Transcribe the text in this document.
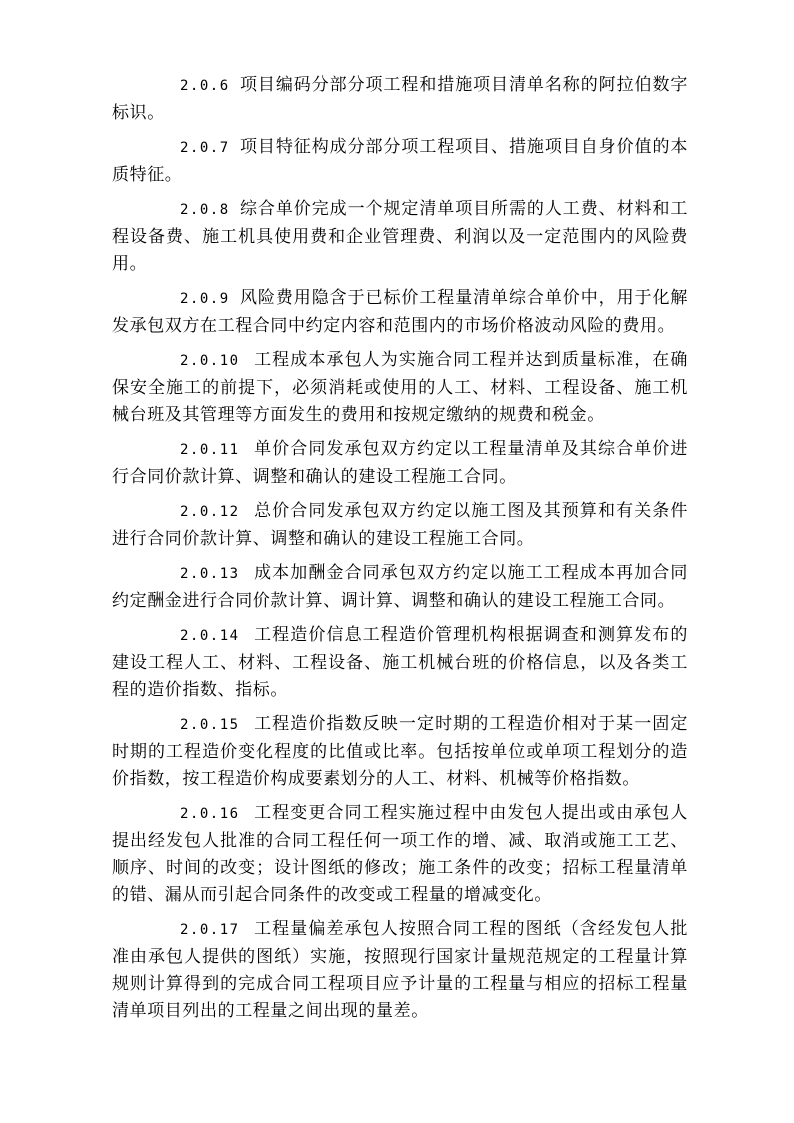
2.0.6 项目编码分部分项工程和措施项目清单名称的阿拉伯数字标识。

2.0.7 项目特征构成分部分项工程项目、措施项目自身价值的本质特征。

2.0.8 综合单价完成一个规定清单项目所需的人工费、材料和工程设备费、施工机具使用费和企业管理费、利润以及一定范围内的风险费用。

2.0.9 风险费用隐含于已标价工程量清单综合单价中，用于化解发承包双方在工程合同中约定内容和范围内的市场价格波动风险的费用。

2.0.10 工程成本承包人为实施合同工程并达到质量标准，在确保安全施工的前提下，必须消耗或使用的人工、材料、工程设备、施工机械台班及其管理等方面发生的费用和按规定缴纳的规费和税金。

2.0.11 单价合同发承包双方约定以工程量清单及其综合单价进行合同价款计算、调整和确认的建设工程施工合同。

2.0.12 总价合同发承包双方约定以施工图及其预算和有关条件进行合同价款计算、调整和确认的建设工程施工合同。

2.0.13 成本加酬金合同承包双方约定以施工工程成本再加合同约定酬金进行合同价款计算、调计算、调整和确认的建设工程施工合同。

2.0.14 工程造价信息工程造价管理机构根据调查和测算发布的建设工程人工、材料、工程设备、施工机械台班的价格信息，以及各类工程的造价指数、指标。

2.0.15 工程造价指数反映一定时期的工程造价相对于某一固定时期的工程造价变化程度的比值或比率。包括按单位或单项工程划分的造价指数，按工程造价构成要素划分的人工、材料、机械等价格指数。

2.0.16 工程变更合同工程实施过程中由发包人提出或由承包人提出经发包人批准的合同工程任何一项工作的增、减、取消或施工工艺、顺序、时间的改变；设计图纸的修改；施工条件的改变；招标工程量清单的错、漏从而引起合同条件的改变或工程量的增减变化。

2.0.17 工程量偏差承包人按照合同工程的图纸（含经发包人批准由承包人提供的图纸）实施，按照现行国家计量规范规定的工程量计算规则计算得到的完成合同工程项目应予计量的工程量与相应的招标工程量清单项目列出的工程量之间出现的量差。
